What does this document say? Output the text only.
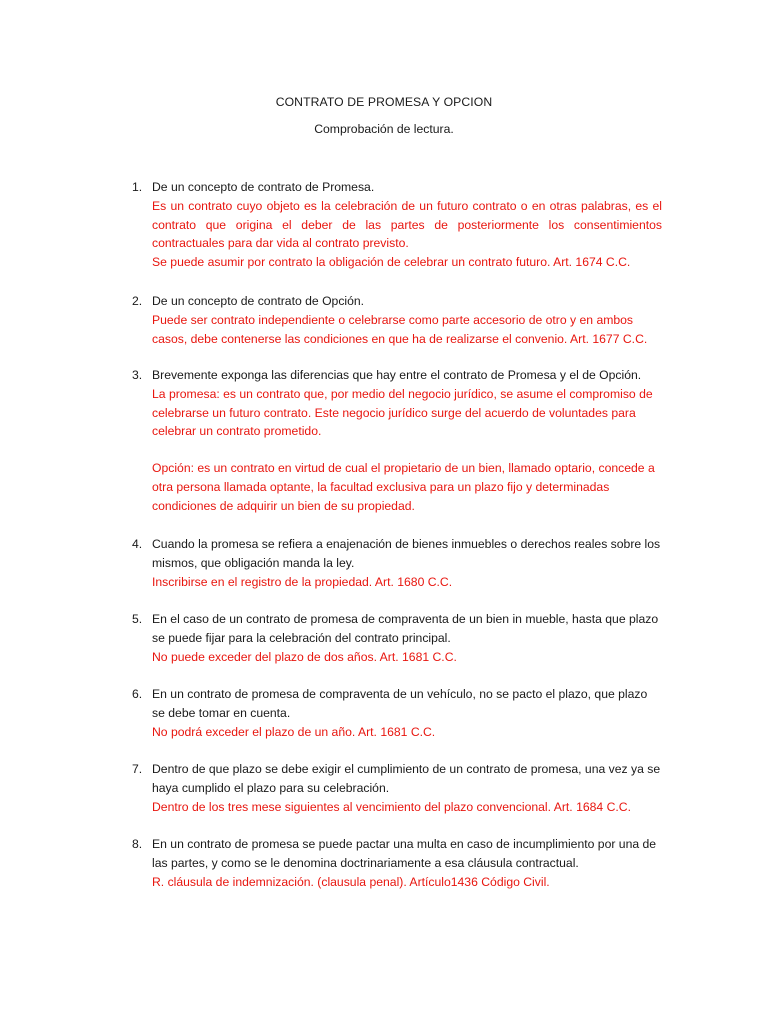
CONTRATO DE PROMESA Y OPCION
Comprobación de lectura.
1. De un concepto de contrato de Promesa.
Es un contrato cuyo objeto es la celebración de un futuro contrato o en otras palabras, es el contrato que origina el deber de las partes de posteriormente los consentimientos contractuales para dar vida al contrato previsto.
Se puede asumir por contrato la obligación de celebrar un contrato futuro. Art. 1674 C.C.
2. De un concepto de contrato de Opción.
Puede ser contrato independiente o celebrarse como parte accesorio de otro y en ambos casos, debe contenerse las condiciones en que ha de realizarse el convenio. Art. 1677 C.C.
3. Brevemente exponga las diferencias que hay entre el contrato de Promesa y el de Opción.
La promesa: es un contrato que, por medio del negocio jurídico, se asume el compromiso de celebrarse un futuro contrato. Este negocio jurídico surge del acuerdo de voluntades para celebrar un contrato prometido.
Opción: es un contrato en virtud de cual el propietario de un bien, llamado optario, concede a otra persona llamada optante, la facultad exclusiva para un plazo fijo y determinadas condiciones de adquirir un bien de su propiedad.
4. Cuando la promesa se refiera a enajenación de bienes inmuebles o derechos reales sobre los mismos, que obligación manda la ley.
Inscribirse en el registro de la propiedad. Art. 1680 C.C.
5. En el caso de un contrato de promesa de compraventa de un bien in mueble, hasta que plazo se puede fijar para la celebración del contrato principal.
No puede exceder del plazo de dos años. Art. 1681 C.C.
6. En un contrato de promesa de compraventa de un vehículo, no se pacto el plazo, que plazo se debe tomar en cuenta.
No podrá exceder el plazo de un año. Art. 1681 C.C.
7. Dentro de que plazo se debe exigir el cumplimiento de un contrato de promesa, una vez ya se haya cumplido el plazo para su celebración.
Dentro de los tres mese siguientes al vencimiento del plazo convencional. Art. 1684 C.C.
8. En un contrato de promesa se puede pactar una multa en caso de incumplimiento por una de las partes, y como se le denomina doctrinariamente a esa cláusula contractual.
R. cláusula de indemnización. (clausula penal). Artículo1436 Código Civil.
